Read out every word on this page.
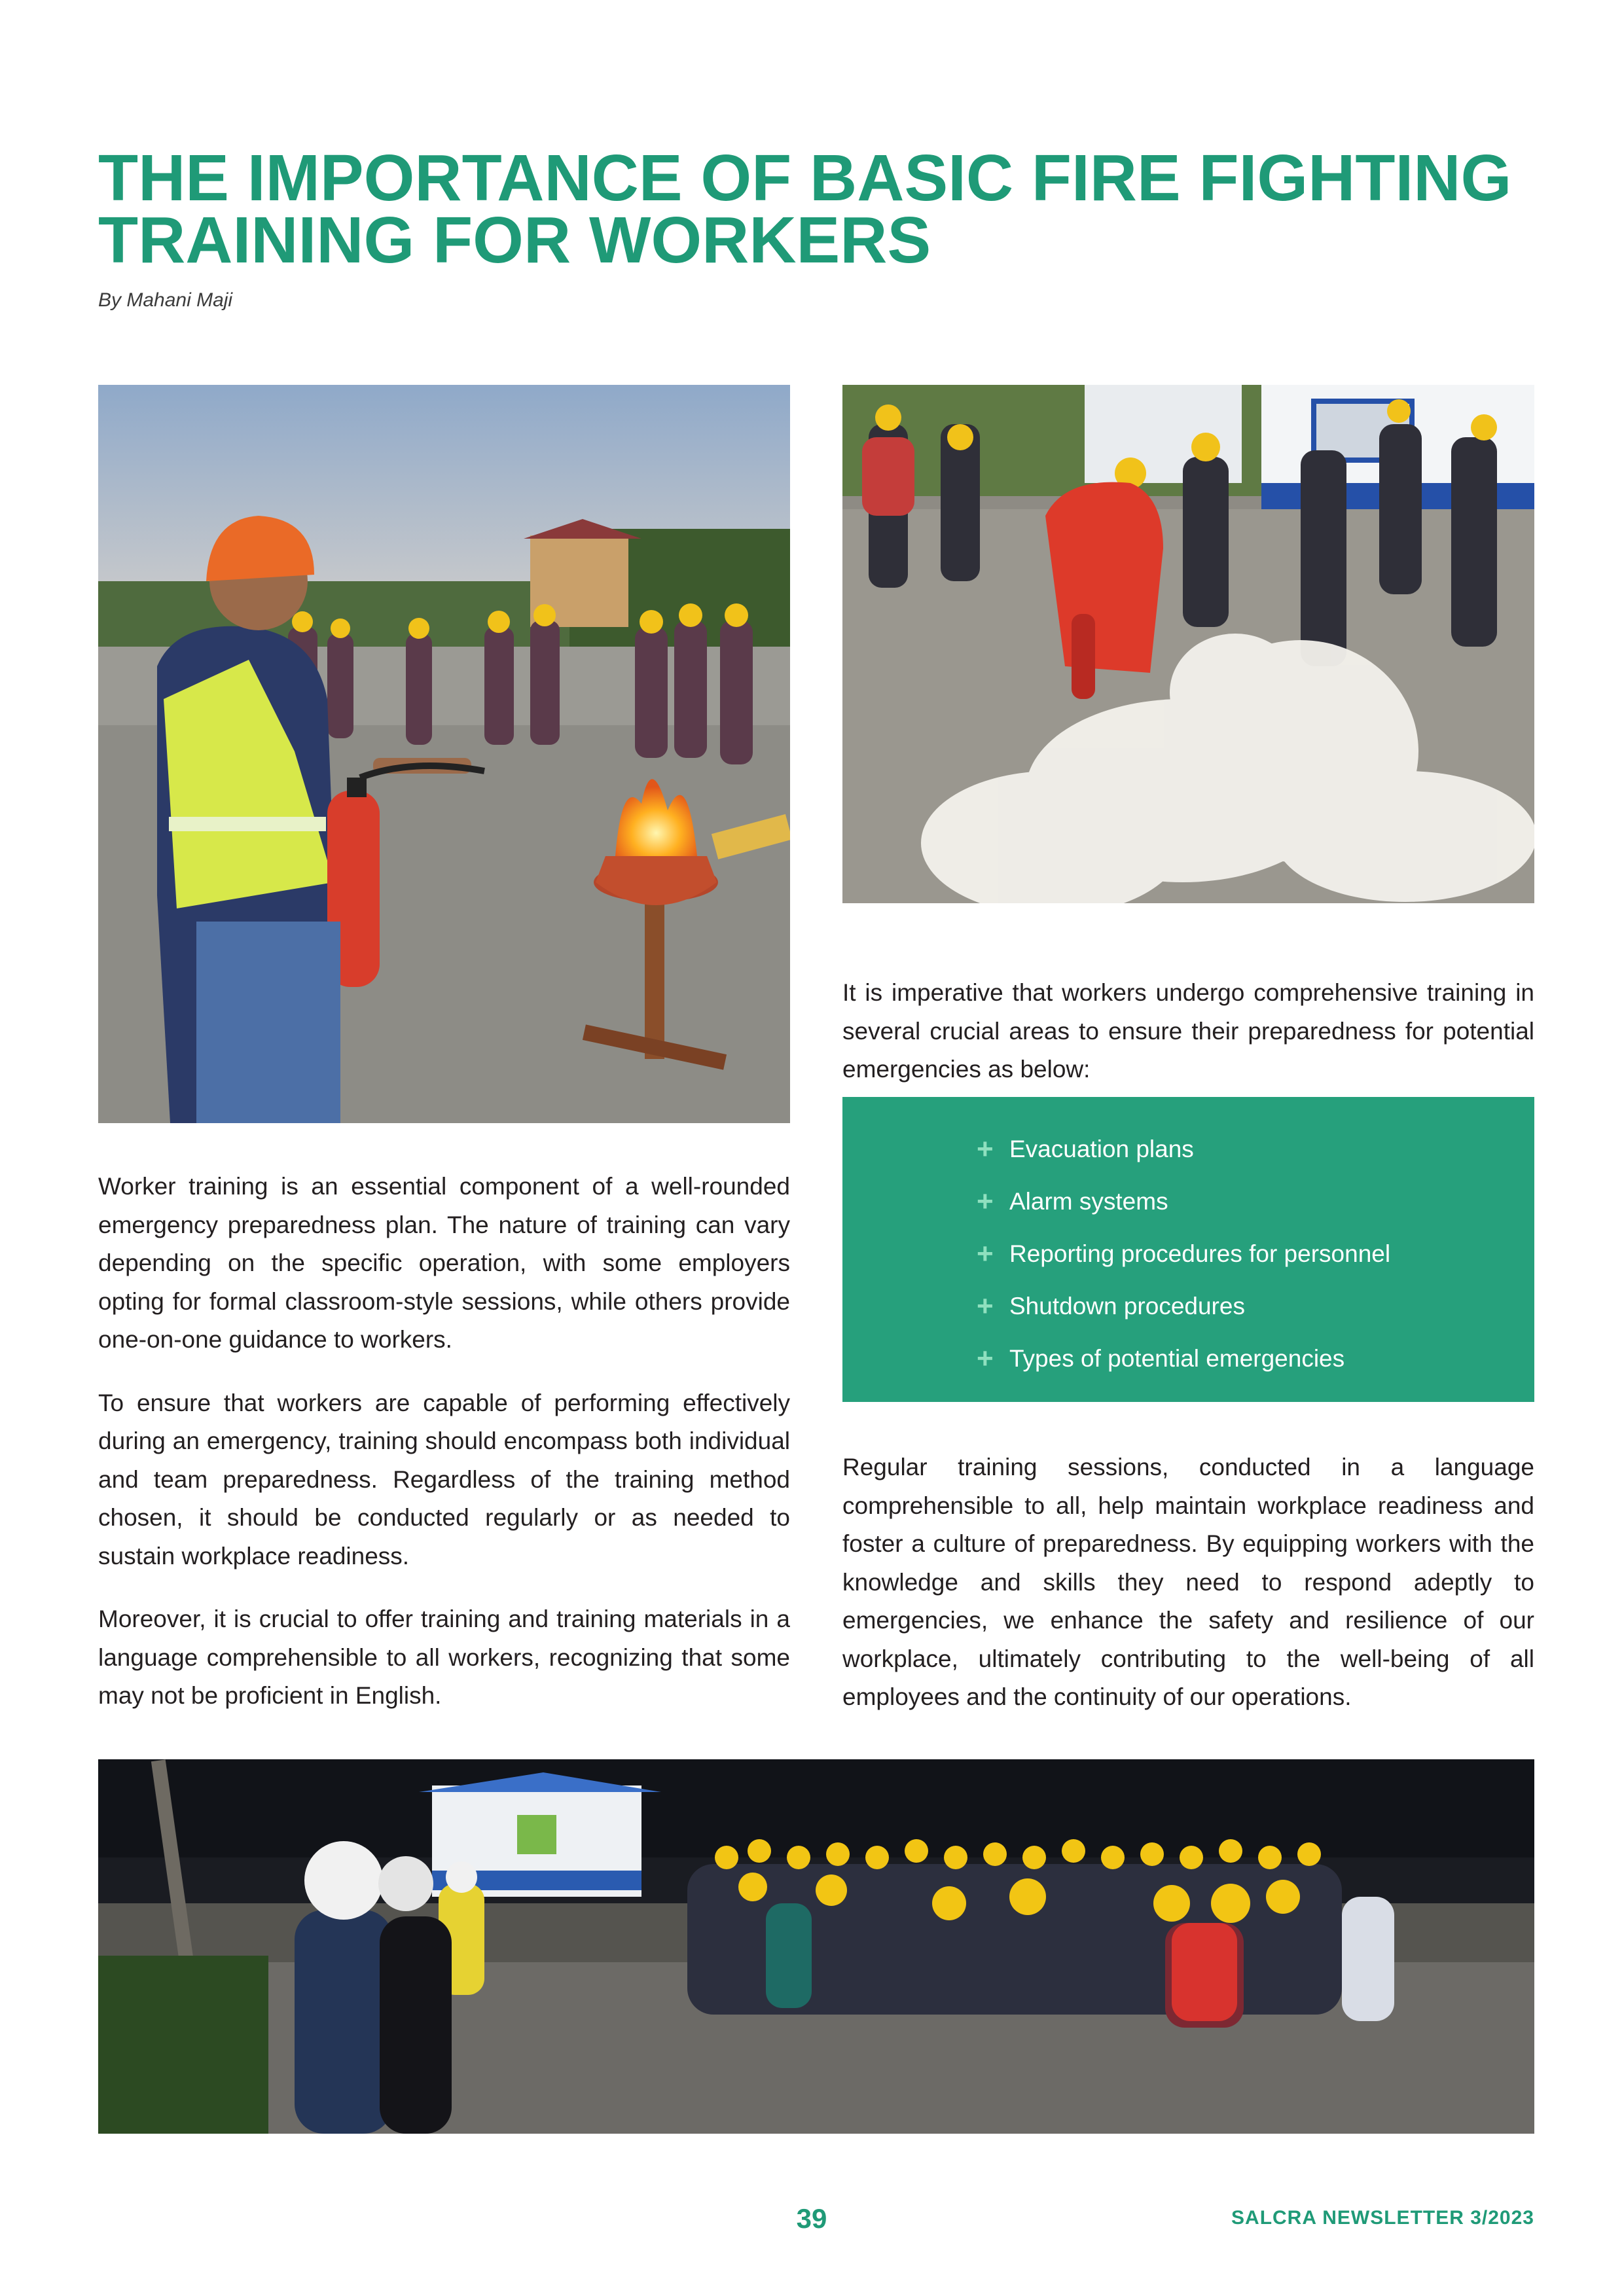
THE IMPORTANCE OF BASIC FIRE FIGHTING TRAINING FOR WORKERS
By Mahani Maji

It is imperative that workers undergo comprehensive training in several crucial areas to ensure their preparedness for potential emergencies as below:

+ Evacuation plans
+ Alarm systems
+ Reporting procedures for personnel
+ Shutdown procedures
+ Types of potential emergencies

Worker training is an essential component of a well-rounded emergency preparedness plan. The nature of training can vary depending on the specific operation, with some employers opting for formal classroom-style sessions, while others provide one-on-one guidance to workers.

To ensure that workers are capable of performing effectively during an emergency, training should encompass both individual and team preparedness. Regardless of the training method chosen, it should be conducted regularly or as needed to sustain workplace readiness.

Moreover, it is crucial to offer training and training materials in a language comprehensible to all workers, recognizing that some may not be proficient in English.

Regular training sessions, conducted in a language comprehensible to all, help maintain workplace readiness and foster a culture of preparedness. By equipping workers with the knowledge and skills they need to respond adeptly to emergencies, we enhance the safety and resilience of our workplace, ultimately contributing to the well-being of all employees and the continuity of our operations.

39	SALCRA NEWSLETTER 3/2023
